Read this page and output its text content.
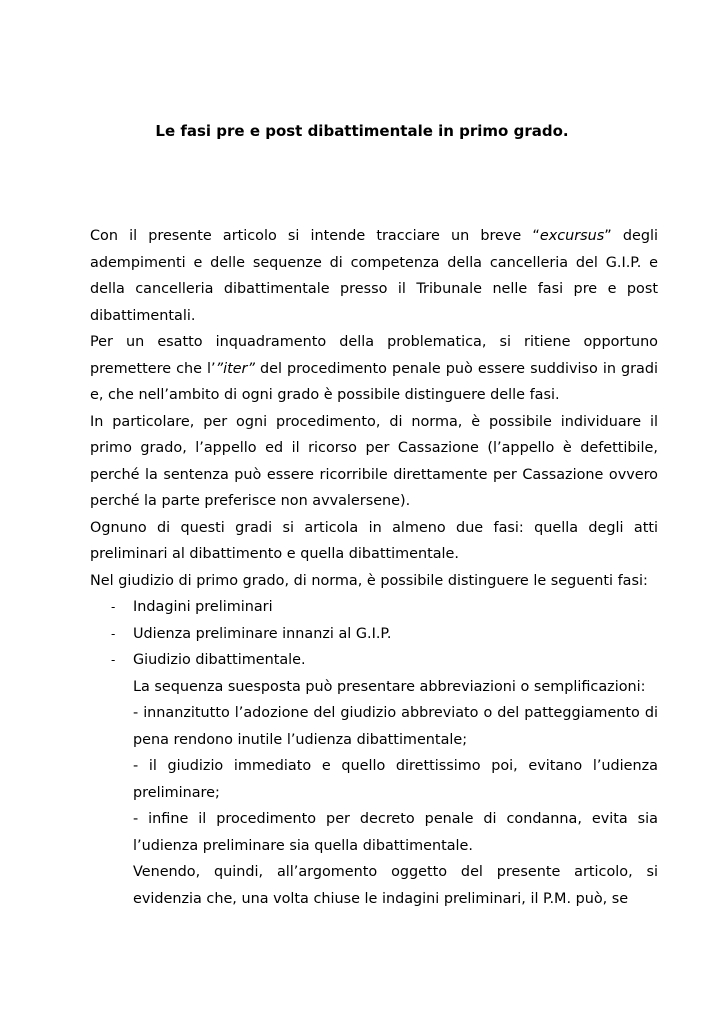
Le fasi pre e post dibattimentale in primo grado.

Con il presente articolo si intende tracciare un breve “excursus” degli adempimenti e delle sequenze di competenza della cancelleria del G.I.P. e della cancelleria dibattimentale presso il Tribunale nelle fasi pre e post dibattimentali.

Per un esatto inquadramento della problematica, si ritiene opportuno premettere che l’”iter” del procedimento penale può essere suddiviso in gradi e, che nell’ambito di ogni grado è possibile distinguere delle fasi.

In particolare, per ogni procedimento, di norma, è possibile individuare il primo grado, l’appello ed il ricorso per Cassazione (l’appello è defettibile, perché la sentenza può essere ricorribile direttamente per Cassazione ovvero perché la parte preferisce non avvalersene).

Ognuno di questi gradi si articola in almeno due fasi: quella degli atti preliminari al dibattimento e quella dibattimentale.

Nel giudizio di primo grado, di norma, è possibile distinguere le seguenti fasi:

- Indagini preliminari
- Udienza preliminare innanzi al G.I.P.
- Giudizio dibattimentale.

La sequenza suesposta può presentare abbreviazioni o semplificazioni:

- innanzitutto l’adozione del giudizio abbreviato o del patteggiamento di pena rendono inutile l’udienza dibattimentale;

- il giudizio immediato e quello direttissimo poi, evitano l’udienza preliminare;

- infine il procedimento per decreto penale di condanna, evita sia l’udienza preliminare sia quella dibattimentale.

Venendo, quindi, all’argomento oggetto del presente articolo, si evidenzia che, una volta chiuse le indagini preliminari, il P.M. può, se
